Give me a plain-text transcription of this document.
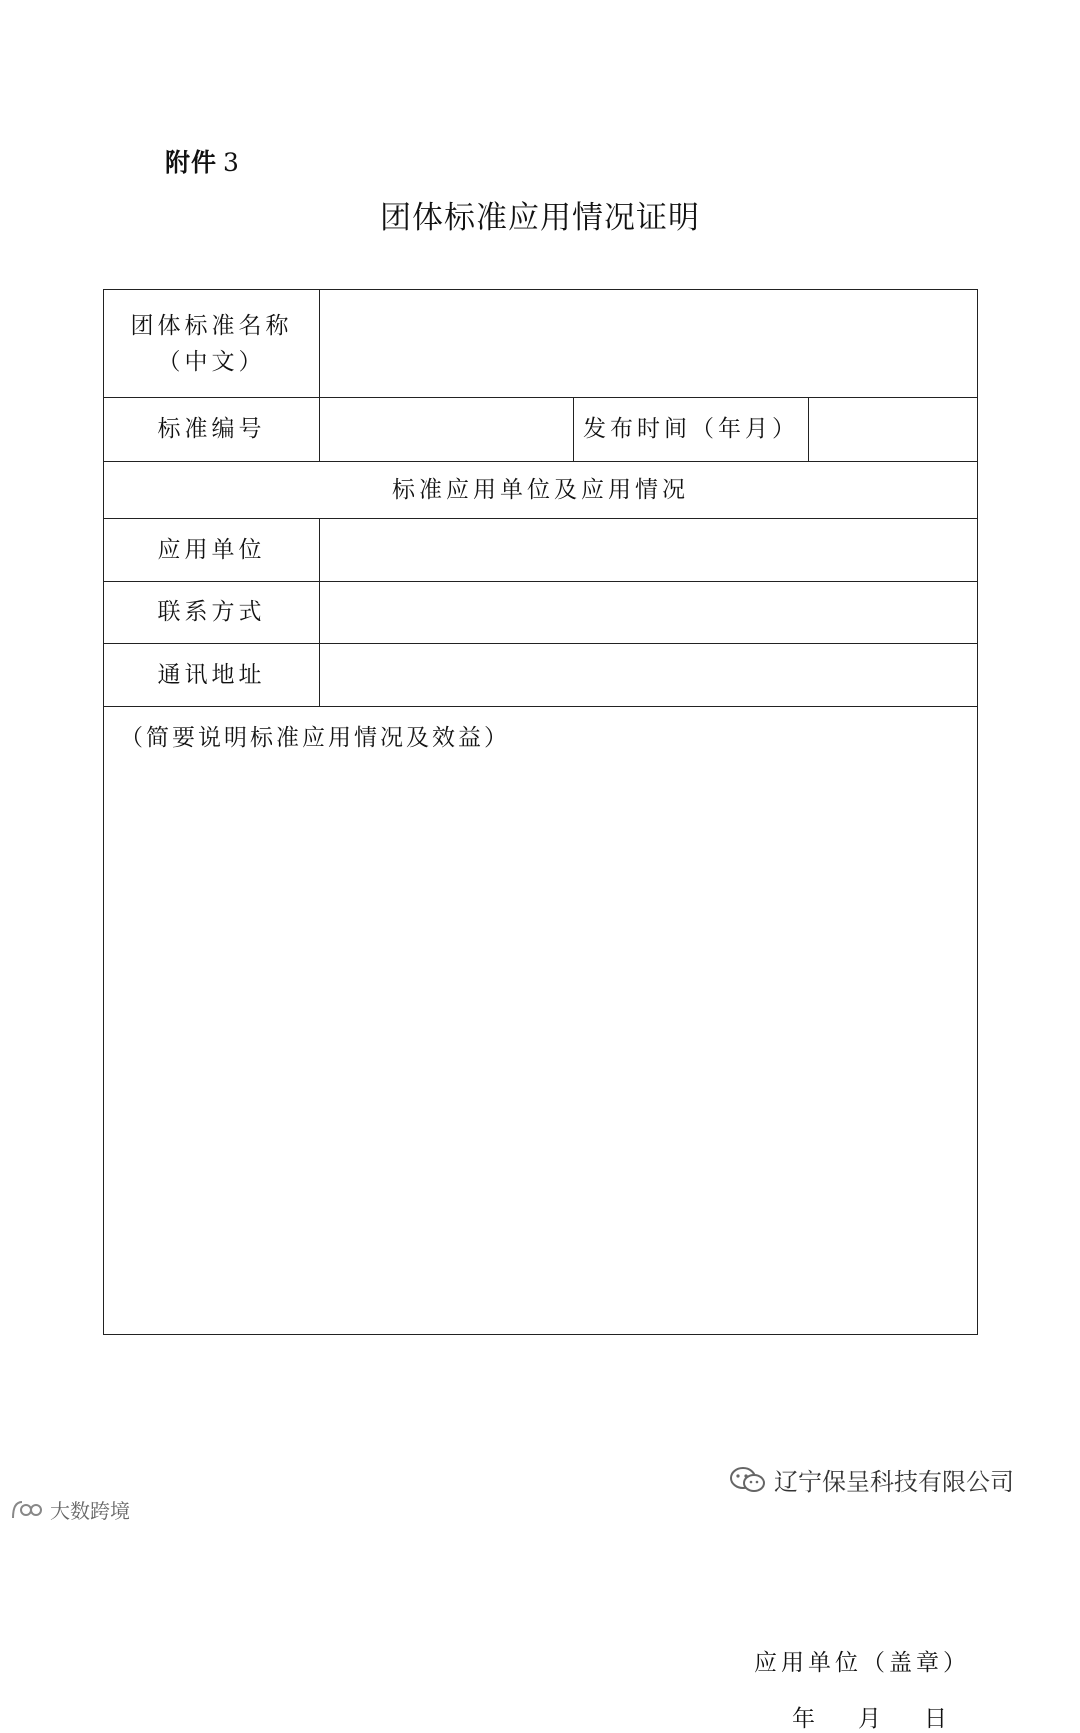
附件 3
团体标准应用情况证明
团体标准名称
（中文）
标准编号	发布时间（年月）
标准应用单位及应用情况
应用单位
联系方式
通讯地址
（简要说明标准应用情况及效益）
应用单位（盖章）
年	月	日
辽宁保呈科技有限公司
大数跨境
